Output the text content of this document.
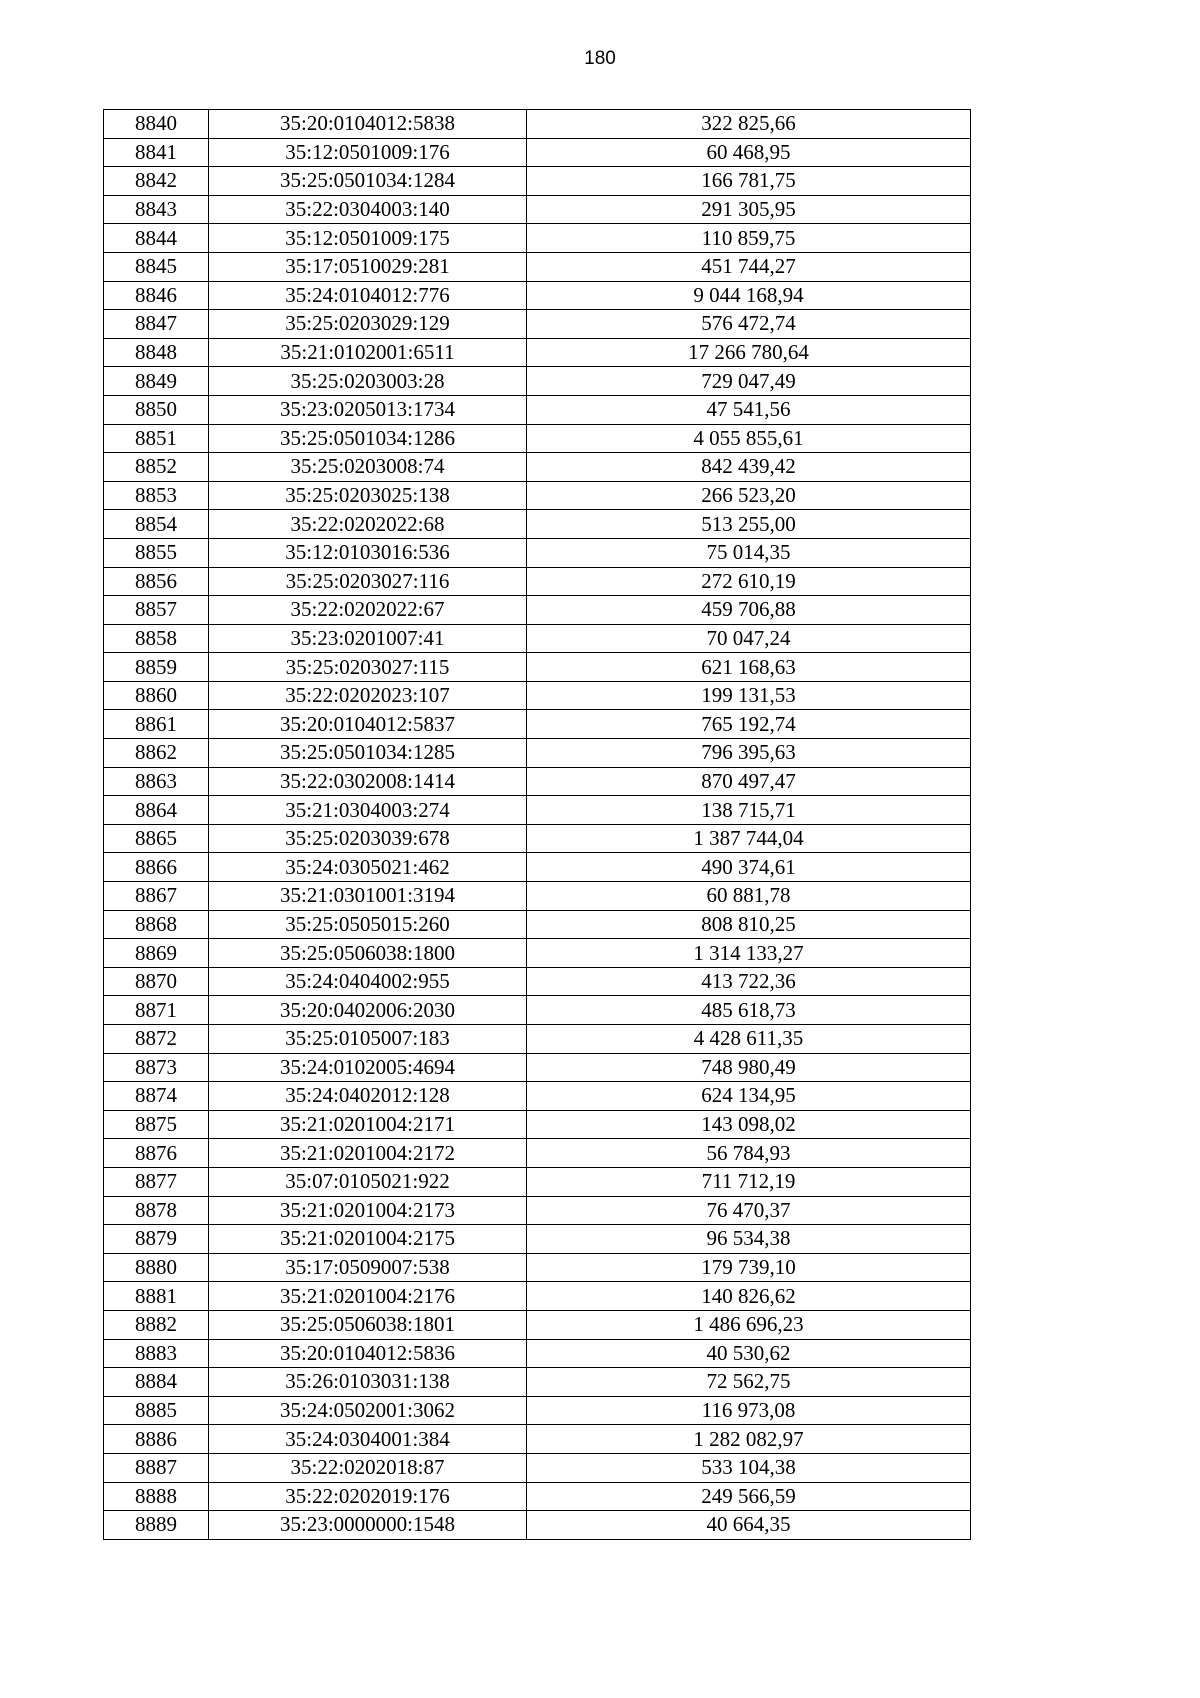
180
8840	35:20:0104012:5838	322 825,66
8841	35:12:0501009:176	60 468,95
8842	35:25:0501034:1284	166 781,75
8843	35:22:0304003:140	291 305,95
8844	35:12:0501009:175	110 859,75
8845	35:17:0510029:281	451 744,27
8846	35:24:0104012:776	9 044 168,94
8847	35:25:0203029:129	576 472,74
8848	35:21:0102001:6511	17 266 780,64
8849	35:25:0203003:28	729 047,49
8850	35:23:0205013:1734	47 541,56
8851	35:25:0501034:1286	4 055 855,61
8852	35:25:0203008:74	842 439,42
8853	35:25:0203025:138	266 523,20
8854	35:22:0202022:68	513 255,00
8855	35:12:0103016:536	75 014,35
8856	35:25:0203027:116	272 610,19
8857	35:22:0202022:67	459 706,88
8858	35:23:0201007:41	70 047,24
8859	35:25:0203027:115	621 168,63
8860	35:22:0202023:107	199 131,53
8861	35:20:0104012:5837	765 192,74
8862	35:25:0501034:1285	796 395,63
8863	35:22:0302008:1414	870 497,47
8864	35:21:0304003:274	138 715,71
8865	35:25:0203039:678	1 387 744,04
8866	35:24:0305021:462	490 374,61
8867	35:21:0301001:3194	60 881,78
8868	35:25:0505015:260	808 810,25
8869	35:25:0506038:1800	1 314 133,27
8870	35:24:0404002:955	413 722,36
8871	35:20:0402006:2030	485 618,73
8872	35:25:0105007:183	4 428 611,35
8873	35:24:0102005:4694	748 980,49
8874	35:24:0402012:128	624 134,95
8875	35:21:0201004:2171	143 098,02
8876	35:21:0201004:2172	56 784,93
8877	35:07:0105021:922	711 712,19
8878	35:21:0201004:2173	76 470,37
8879	35:21:0201004:2175	96 534,38
8880	35:17:0509007:538	179 739,10
8881	35:21:0201004:2176	140 826,62
8882	35:25:0506038:1801	1 486 696,23
8883	35:20:0104012:5836	40 530,62
8884	35:26:0103031:138	72 562,75
8885	35:24:0502001:3062	116 973,08
8886	35:24:0304001:384	1 282 082,97
8887	35:22:0202018:87	533 104,38
8888	35:22:0202019:176	249 566,59
8889	35:23:0000000:1548	40 664,35
